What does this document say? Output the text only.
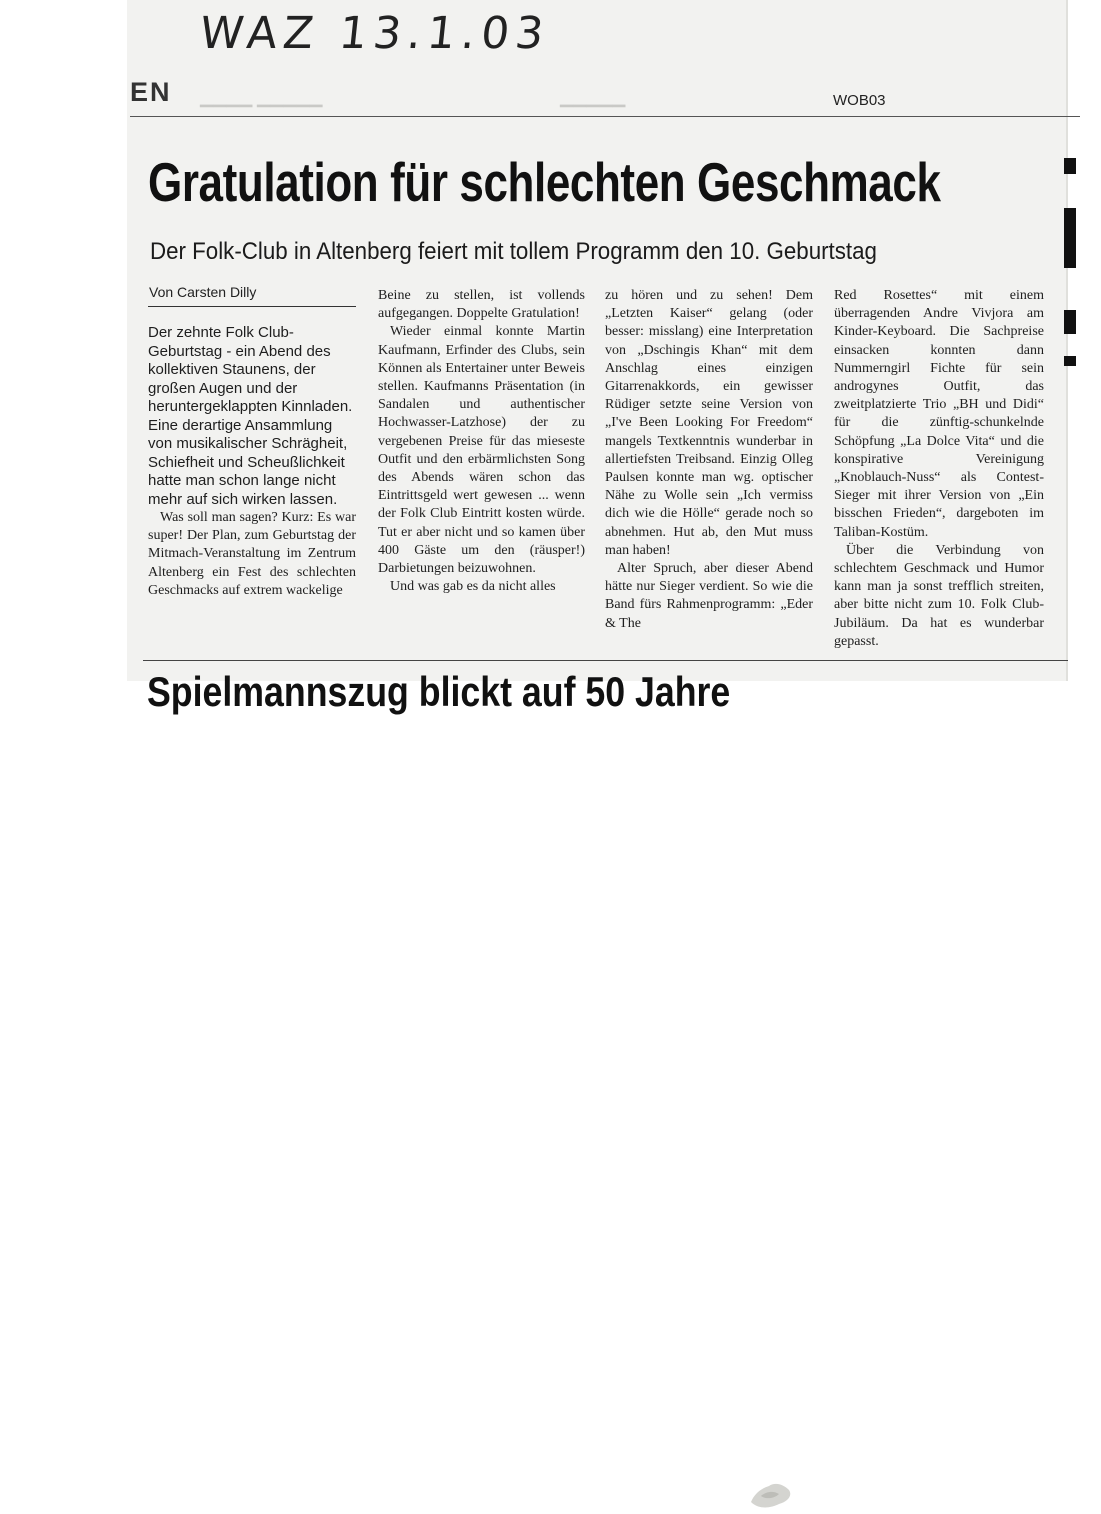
WAZ 13.1.03
EN ▁▁▁▁ ▁▁▁▁▁	▁▁▁▁▁	WOB03
Gratulation für schlechten Geschmack
Der Folk-Club in Altenberg feiert mit tollem Programm den 10. Geburtstag
Von Carsten Dilly

Der zehnte Folk Club-Geburtstag - ein Abend des kollektiven Staunens, der großen Augen und der heruntergeklappten Kinnladen. Eine derartige Ansammlung von musikalischer Schrägheit, Schiefheit und Scheußlichkeit hatte man schon lange nicht mehr auf sich wirken lassen.

Was soll man sagen? Kurz: Es war super! Der Plan, zum Geburtstag der Mitmach-Veranstaltung im Zentrum Altenberg ein Fest des schlechten Geschmacks auf extrem wackelige

Beine zu stellen, ist vollends aufgegangen. Doppelte Gratulation!

Wieder einmal konnte Martin Kaufmann, Erfinder des Clubs, sein Können als Entertainer unter Beweis stellen. Kaufmanns Präsentation (in Sandalen und authentischer Hochwasser-Latzhose) der zu vergebenen Preise für das mieseste Outfit und den erbärmlichsten Song des Abends wären schon das Eintrittsgeld wert gewesen ... wenn der Folk Club Eintritt kosten würde. Tut er aber nicht und so kamen über 400 Gäste um den (räusper!) Darbietungen beizuwohnen.

Und was gab es da nicht alles

zu hören und zu sehen! Dem „Letzten Kaiser“ gelang (oder besser: misslang) eine Interpretation von „Dschingis Khan“ mit dem Anschlag eines einzigen Gitarrenakkords, ein gewisser Rüdiger setzte seine Version von „I've Been Looking For Freedom“ mangels Textkenntnis wunderbar in allertiefsten Treibsand. Einzig Olleg Paulsen konnte man wg. optischer Nähe zu Wolle sein „Ich vermiss dich wie die Hölle“ gerade noch so abnehmen. Hut ab, den Mut muss man haben!

Alter Spruch, aber dieser Abend hätte nur Sieger verdient. So wie die Band fürs Rahmenprogramm: „Eder & The

Red Rosettes“ mit einem überragenden Andre Vivjora am Kinder-Keyboard. Die Sachpreise einsacken konnten dann Nummerngirl Fichte für sein androgynes Outfit, das zweitplatzierte Trio „BH und Didi“ für die zünftig-schunkelnde Schöpfung „La Dolce Vita“ und die konspirative Vereinigung „Knoblauch-Nuss“ als Contest-Sieger mit ihrer Version von „Ein bisschen Frieden“, dargeboten im Taliban-Kostüm.

Über die Verbindung von schlechtem Geschmack und Humor kann man ja sonst trefflich streiten, aber bitte nicht zum 10. Folk Club-Jubiläum. Da hat es wunderbar gepasst.

Spielmannszug blickt auf 50 Jahre
